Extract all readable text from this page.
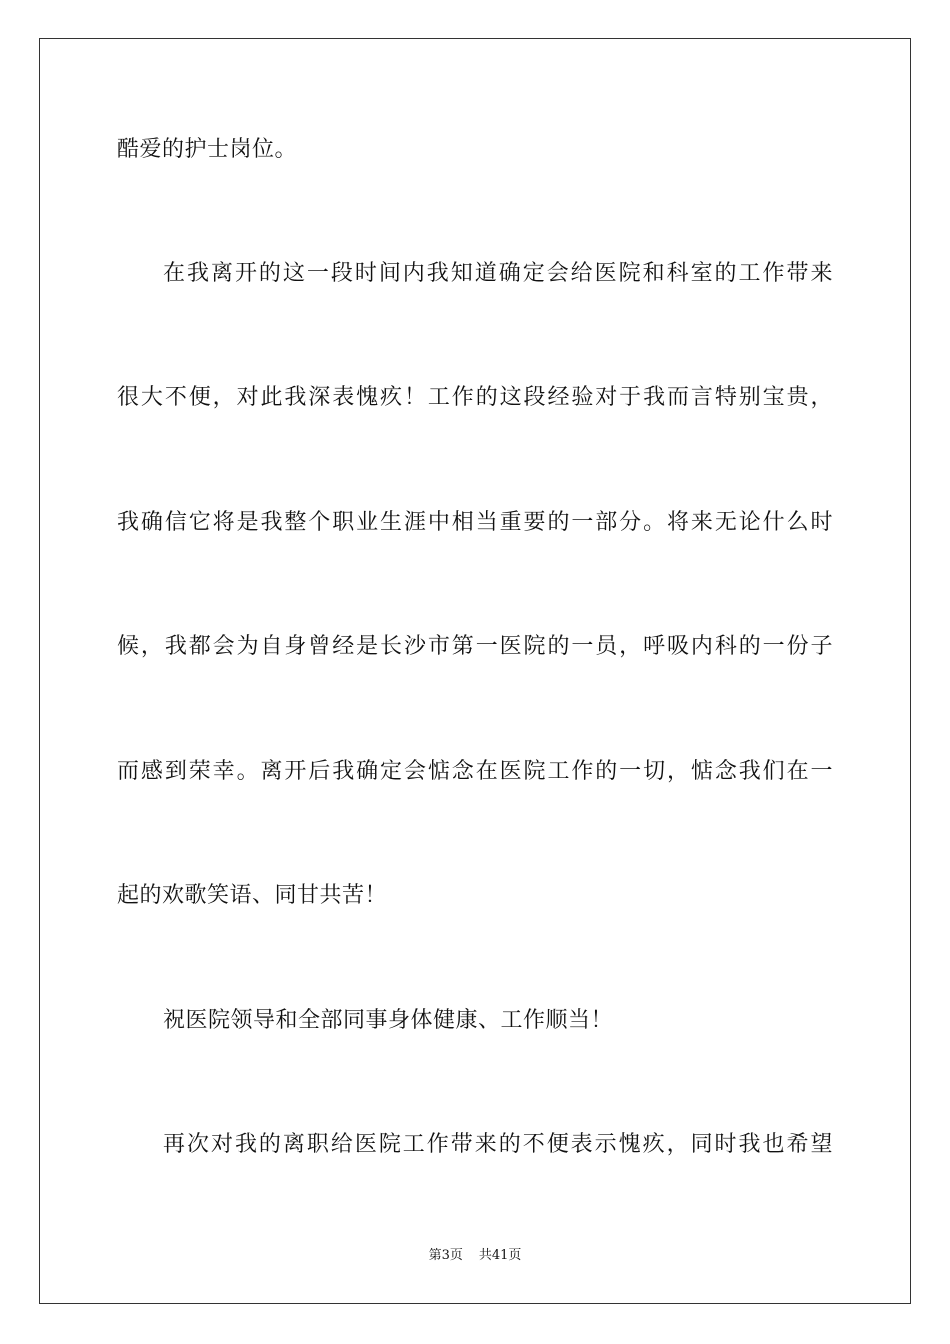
酷爱的护士岗位。
在我离开的这一段时间内我知道确定会给医院和科室的工作带来
很大不便，对此我深表愧疚！工作的这段经验对于我而言特别宝贵，
我确信它将是我整个职业生涯中相当重要的一部分。将来无论什么时
候，我都会为自身曾经是长沙市第一医院的一员，呼吸内科的一份子
而感到荣幸。离开后我确定会惦念在医院工作的一切，惦念我们在一
起的欢歌笑语、同甘共苦！
祝医院领导和全部同事身体健康、工作顺当！
再次对我的离职给医院工作带来的不便表示愧疚，同时我也希望
第3页 共41页
